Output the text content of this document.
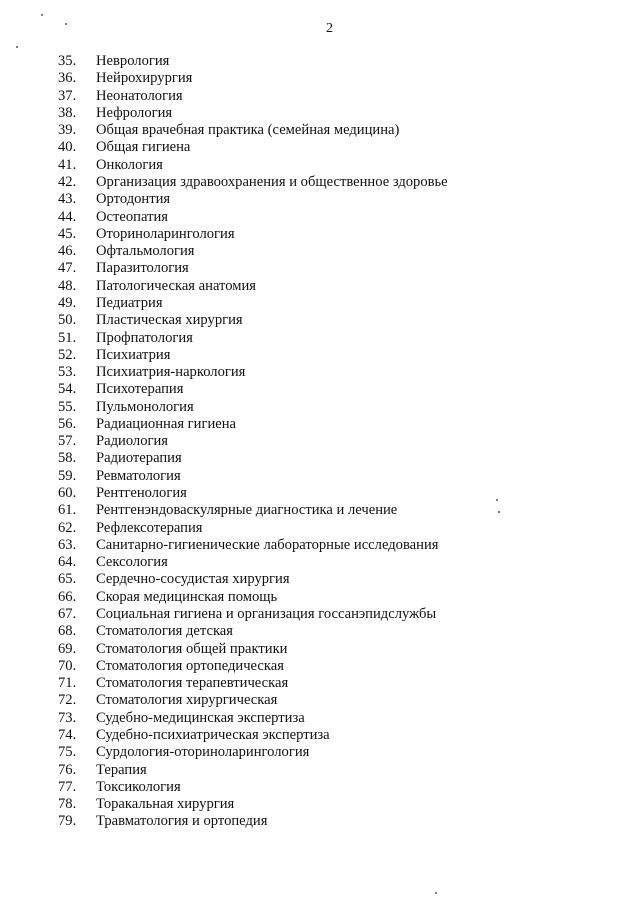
2
35.	Неврология
36.	Нейрохирургия
37.	Неонатология
38.	Нефрология
39.	Общая врачебная практика (семейная медицина)
40.	Общая гигиена
41.	Онкология
42.	Организация здравоохранения и общественное здоровье
43.	Ортодонтия
44.	Остеопатия
45.	Оториноларингология
46.	Офтальмология
47.	Паразитология
48.	Патологическая анатомия
49.	Педиатрия
50.	Пластическая хирургия
51.	Профпатология
52.	Психиатрия
53.	Психиатрия-наркология
54.	Психотерапия
55.	Пульмонология
56.	Радиационная гигиена
57.	Радиология
58.	Радиотерапия
59.	Ревматология
60.	Рентгенология
61.	Рентгенэндоваскулярные диагностика и лечение
62.	Рефлексотерапия
63.	Санитарно-гигиенические лабораторные исследования
64.	Сексология
65.	Сердечно-сосудистая хирургия
66.	Скорая медицинская помощь
67.	Социальная гигиена и организация госсанэпидслужбы
68.	Стоматология детская
69.	Стоматология общей практики
70.	Стоматология ортопедическая
71.	Стоматология терапевтическая
72.	Стоматология хирургическая
73.	Судебно-медицинская экспертиза
74.	Судебно-психиатрическая экспертиза
75.	Сурдология-оториноларингология
76.	Терапия
77.	Токсикология
78.	Торакальная хирургия
79.	Травматология и ортопедия
